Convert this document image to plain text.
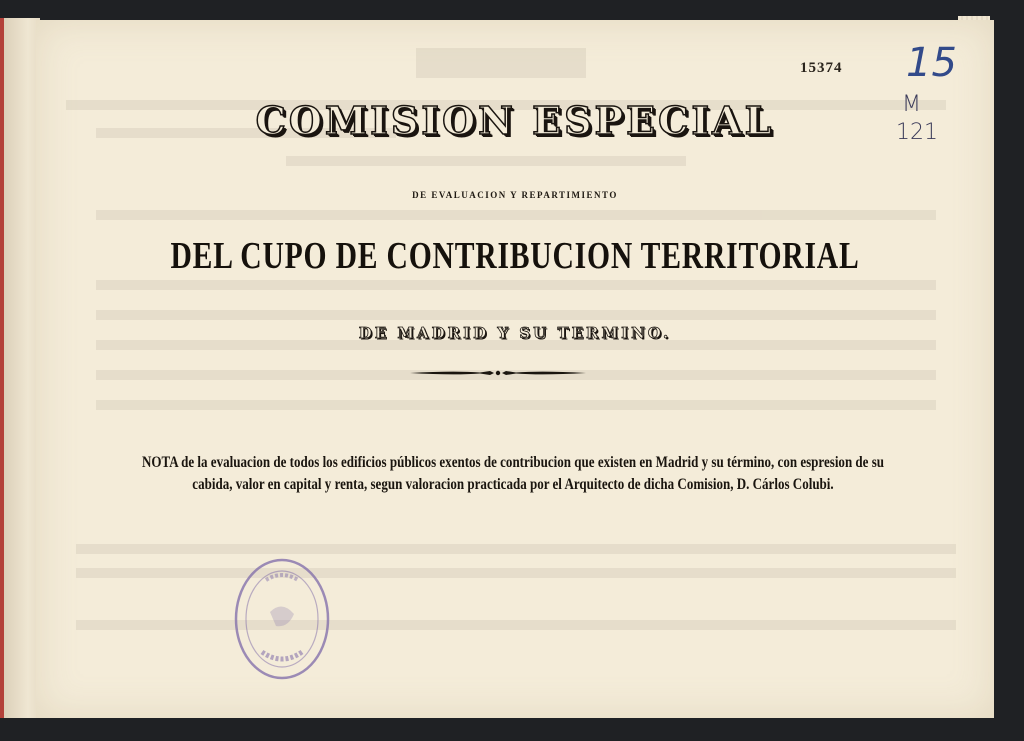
15374 15
M
121
COMISION ESPECIAL
DE EVALUACION Y REPARTIMIENTO
DEL CUPO DE CONTRIBUCION TERRITORIAL
DE MADRID Y SU TERMINO.

NOTA de la evaluacion de todos los edificios públicos exentos de contribucion que existen en Madrid y su término, con espresion de su

cabida, valor en capital y renta, segun valoracion practicada por el Arquitecto de dicha Comision, D. Cárlos Colubi.
